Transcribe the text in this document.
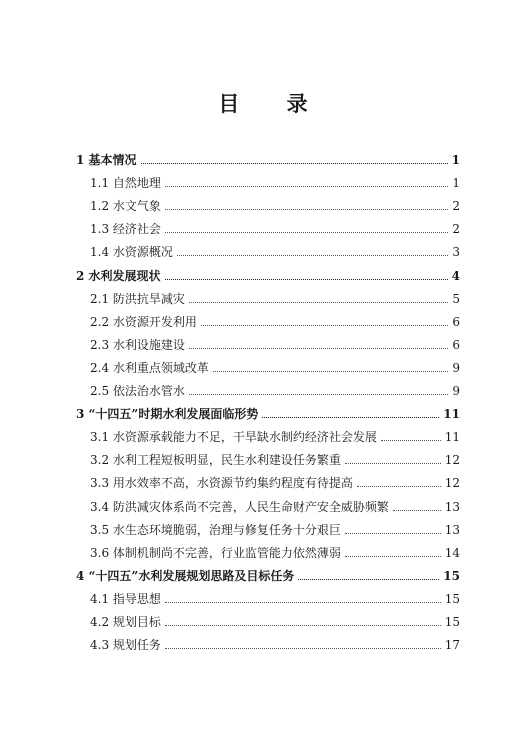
目 录
1 基本情况	1
1.1 自然地理	1
1.2 水文气象	2
1.3 经济社会	2
1.4 水资源概况	3
2 水利发展现状	4
2.1 防洪抗旱减灾	5
2.2 水资源开发利用	6
2.3 水利设施建设	6
2.4 水利重点领域改革	9
2.5 依法治水管水	9
3 “十四五”时期水利发展面临形势	11
3.1 水资源承载能力不足，干旱缺水制约经济社会发展	11
3.2 水利工程短板明显，民生水利建设任务繁重	12
3.3 用水效率不高，水资源节约集约程度有待提高	12
3.4 防洪减灾体系尚不完善，人民生命财产安全威胁频繁	13
3.5 水生态环境脆弱，治理与修复任务十分艰巨	13
3.6 体制机制尚不完善，行业监管能力依然薄弱	14
4 “十四五”水利发展规划思路及目标任务	15
4.1 指导思想	15
4.2 规划目标	15
4.3 规划任务	17
